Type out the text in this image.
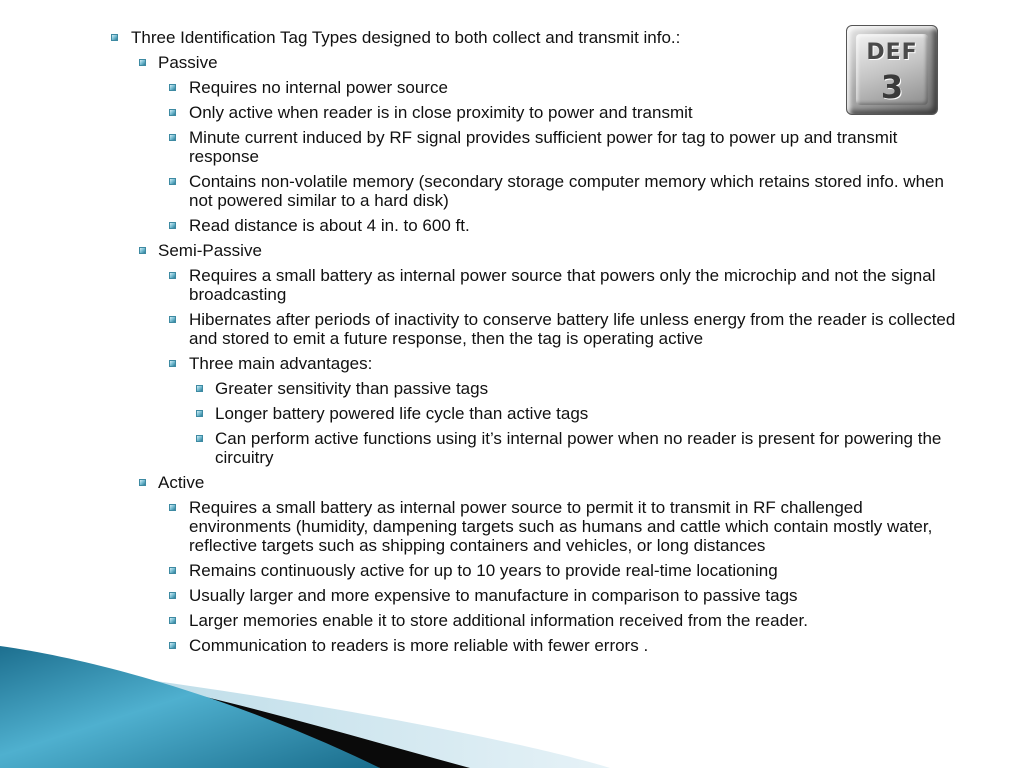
DEF
3
Three Identification Tag Types designed to both collect and transmit info.:
Passive
Requires no internal power source
Only active when reader is in close proximity to power and transmit
Minute current induced by RF signal provides sufficient power for tag to power up and transmit response
Contains non-volatile memory (secondary storage computer memory which retains stored info. when not powered similar to a hard disk)
Read distance is about 4 in. to 600 ft.
Semi-Passive
Requires a small battery as internal power source that powers only the microchip and not the signal broadcasting
Hibernates after periods of inactivity to conserve battery life unless energy from the reader is collected and stored to emit a future response, then the tag is operating active
Three main advantages:
Greater sensitivity than passive tags
Longer battery powered life cycle than active tags
Can perform active functions using it’s internal power when no reader is present for powering the circuitry
Active
Requires a small battery as internal power source to permit it to transmit in RF challenged environments (humidity, dampening targets such as humans and cattle which contain mostly water, reflective targets such as shipping containers and vehicles, or long distances
Remains continuously active for up to 10 years to provide real-time locationing
Usually larger and more expensive to manufacture in comparison to passive tags
Larger memories enable it to store additional information received from the reader.
Communication to readers is more reliable with fewer errors .
